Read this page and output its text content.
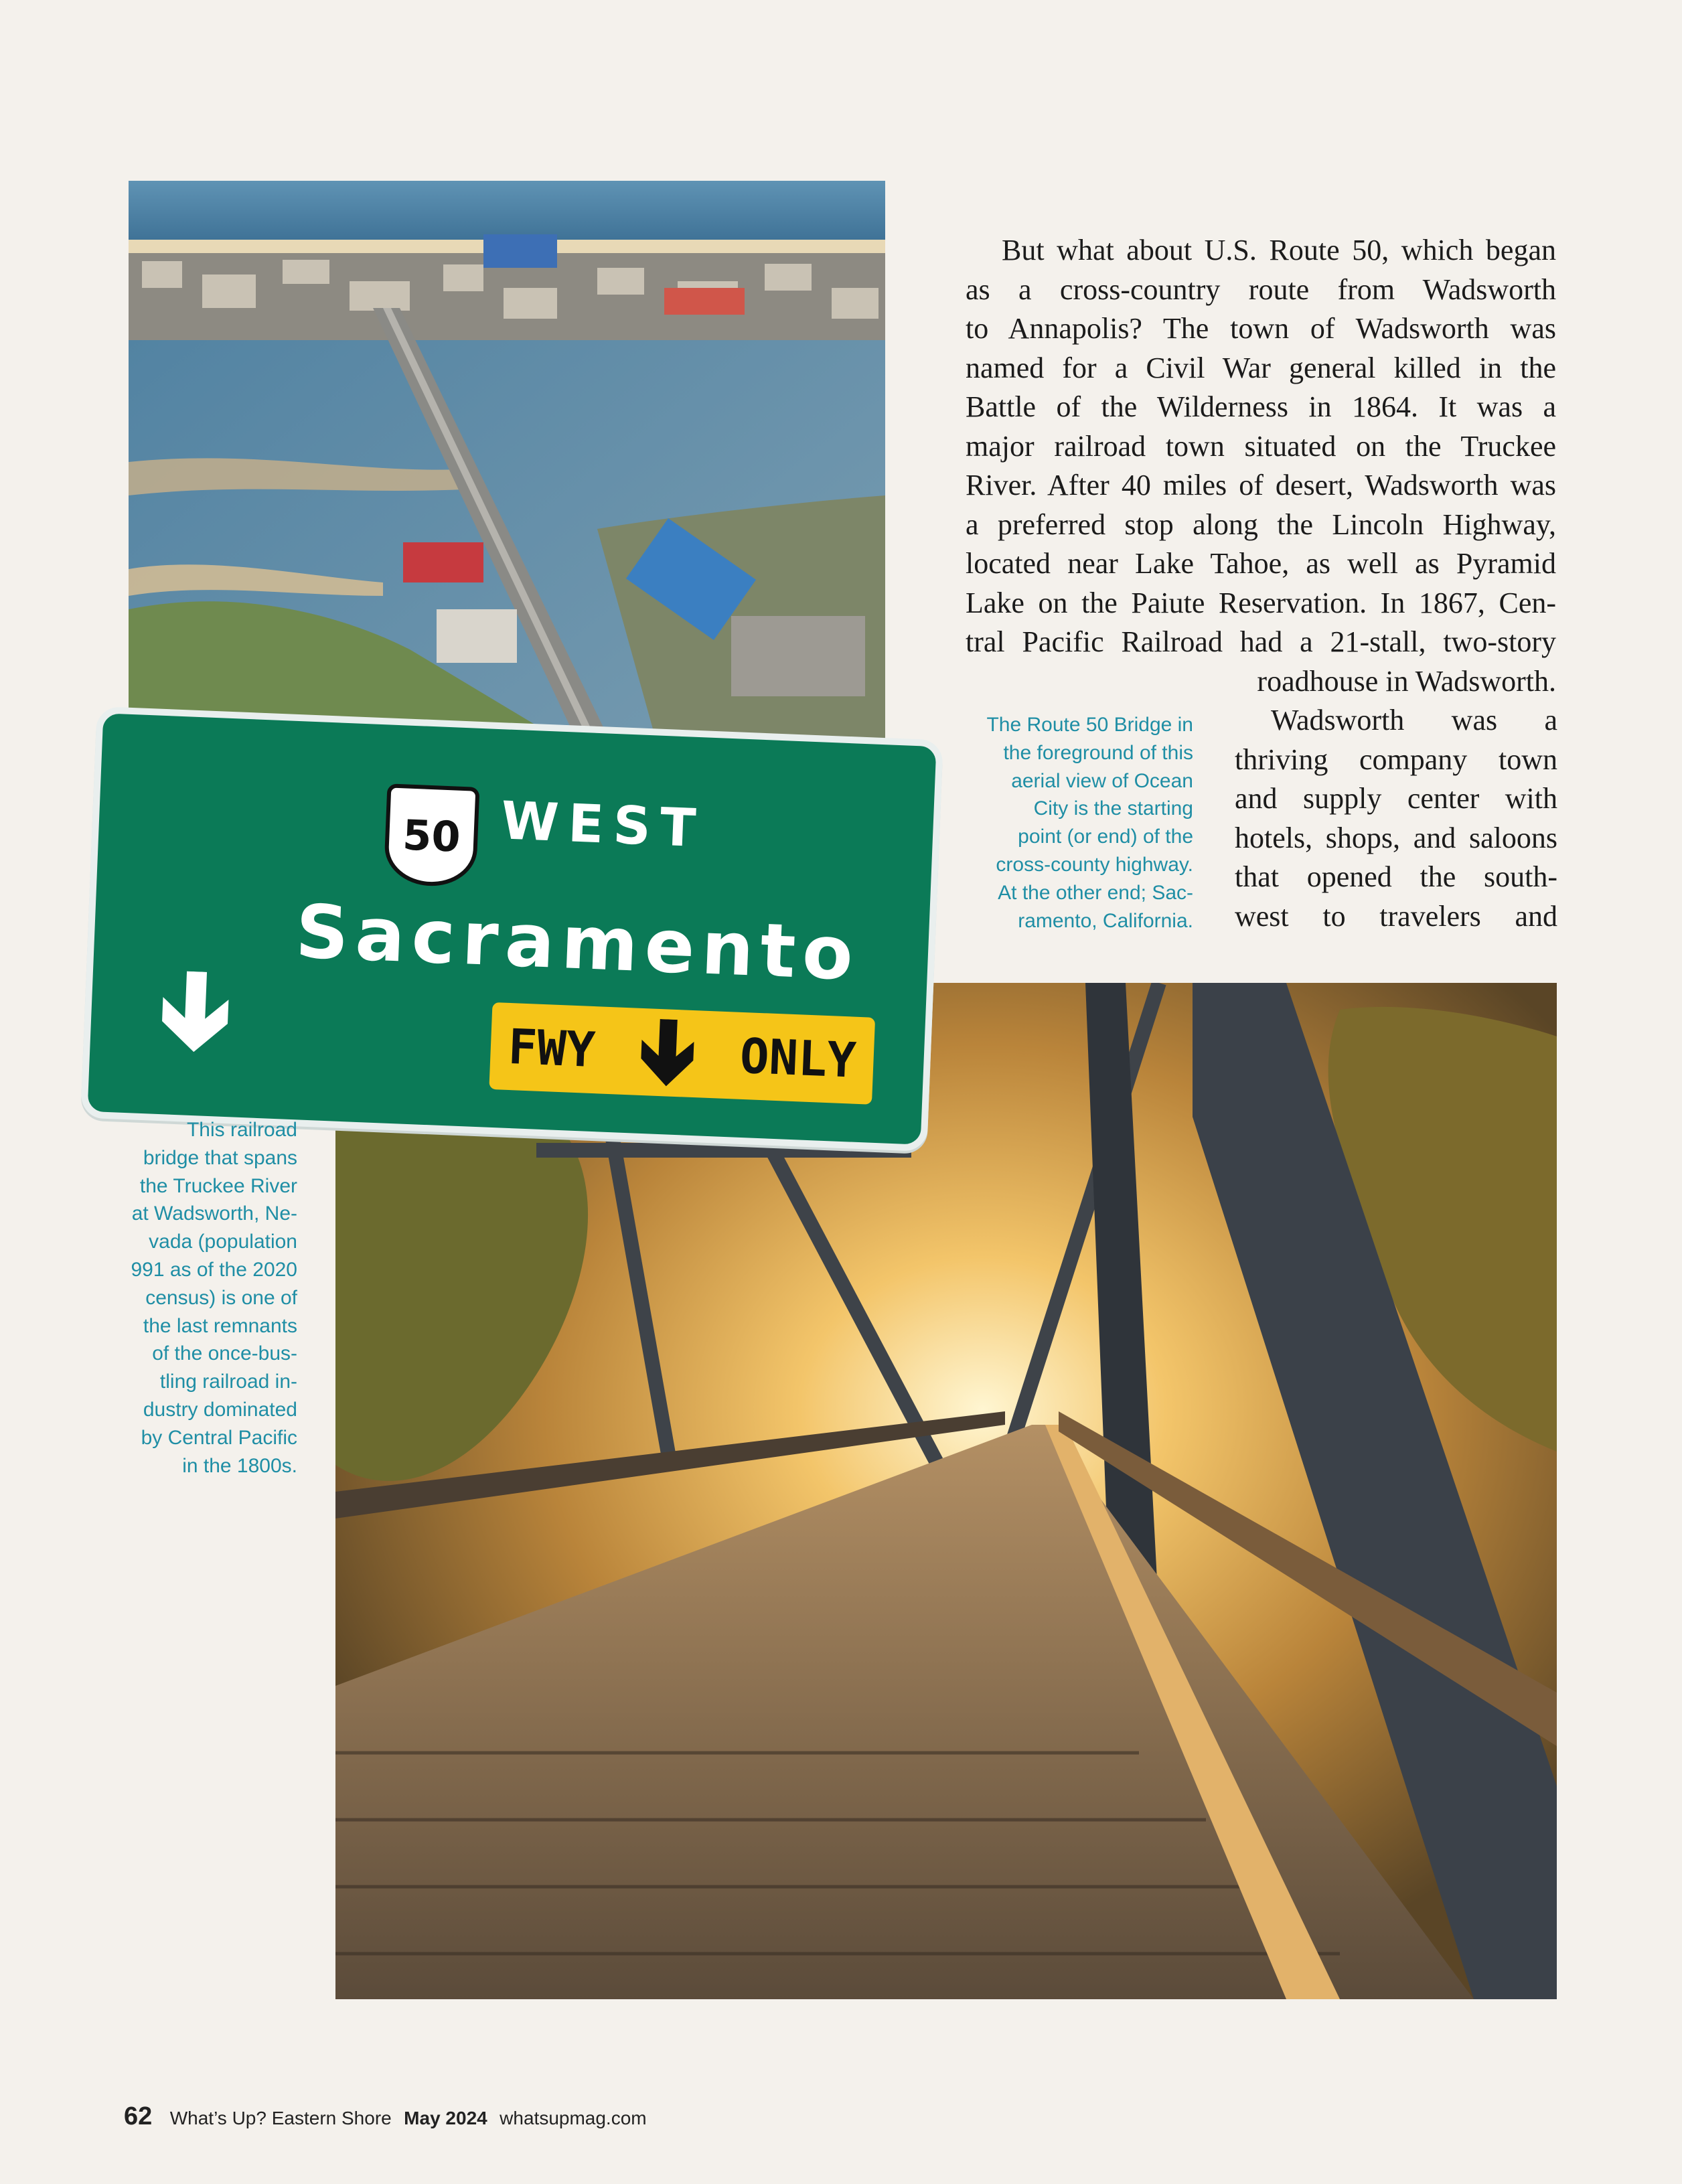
50 WEST
Sacramento
FWY	ONLY
But what about U.S. Route 50, which began
as a cross-country route from Wadsworth
to Annapolis? The town of Wadsworth was
named for a Civil War general killed in the
Battle of the Wilderness in 1864. It was a
major railroad town situated on the Truckee
River. After 40 miles of desert, Wadsworth was
a preferred stop along the Lincoln Highway,
located near Lake Tahoe, as well as Pyramid
Lake on the Paiute Reservation. In 1867, Cen-
tral Pacific Railroad had a 21-stall, two-story
roadhouse in Wadsworth.
Wadsworth was a
thriving company town
and supply center with
hotels, shops, and saloons
that opened the south-
west to travelers and
The Route 50 Bridge in
the foreground of this
aerial view of Ocean
City is the starting
point (or end) of the
cross-county highway.
At the other end; Sac-
ramento, California.
This railroad
bridge that spans
the Truckee River
at Wadsworth, Ne-
vada (population
991 as of the 2020
census) is one of
the last remnants
of the once-bus-
tling railroad in-
dustry dominated
by Central Pacific
in the 1800s.
62 What’s Up? Eastern Shore May 2024 whatsupmag.com
